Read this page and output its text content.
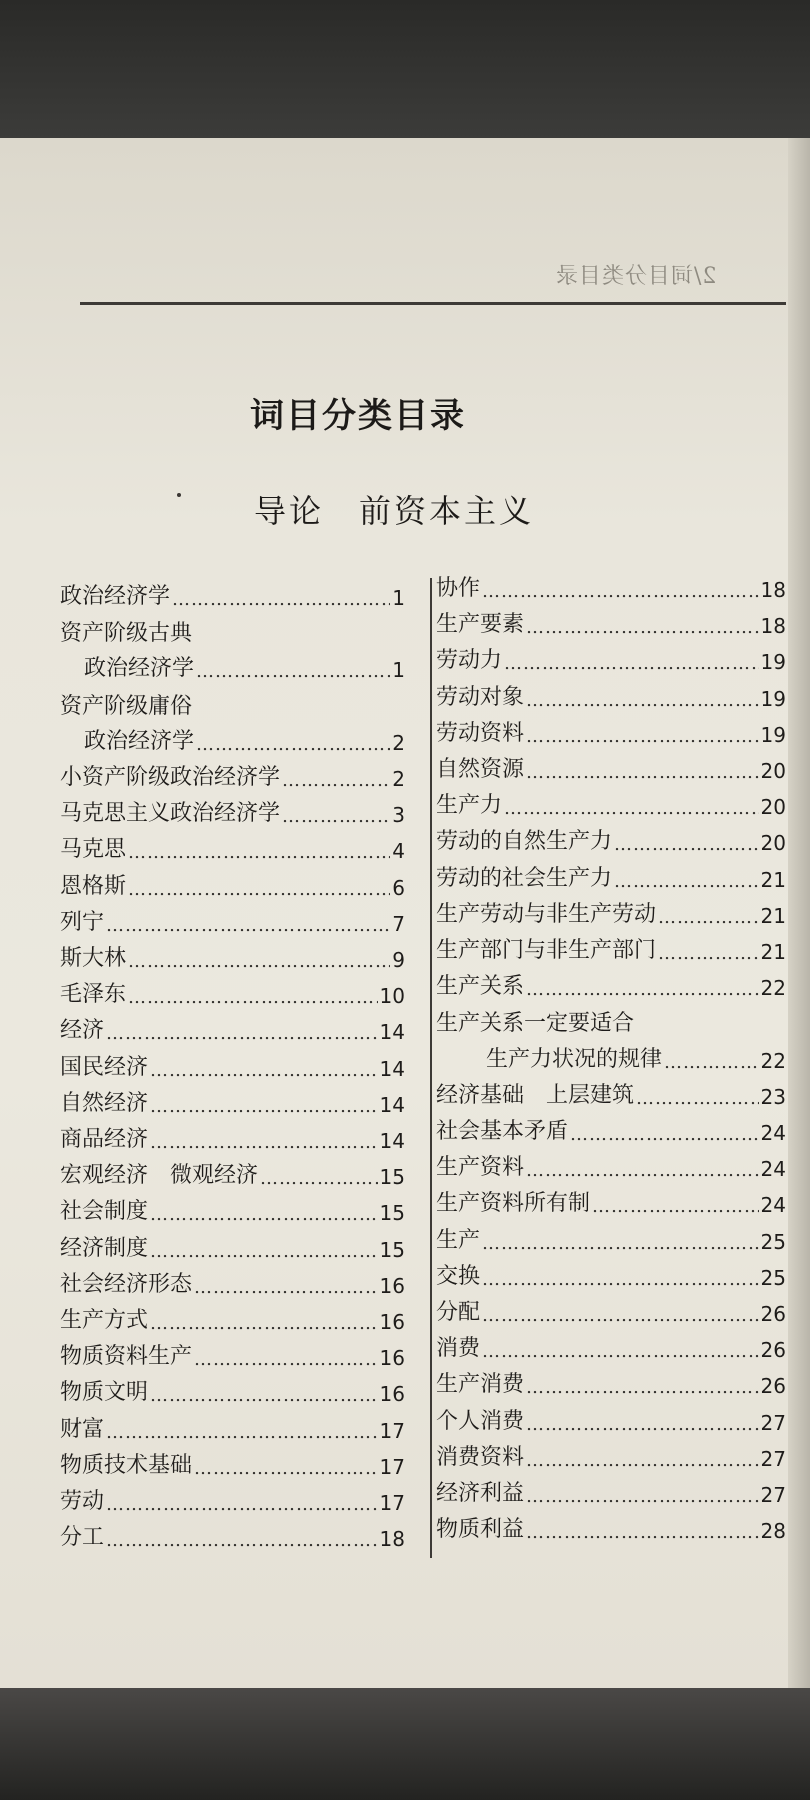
2/词目分类目录
词目分类目录
导论　前资本主义
政治经济学 …………………………………………………………………………………………………………	1
资产阶级古典
政治经济学 …………………………………………………………………………………………………………	1
资产阶级庸俗
政治经济学 …………………………………………………………………………………………………………	2
小资产阶级政治经济学 …………………………………………………………………………………………………………	2
马克思主义政治经济学 …………………………………………………………………………………………………………	3
马克思 …………………………………………………………………………………………………………	4
恩格斯 …………………………………………………………………………………………………………	6
列宁 …………………………………………………………………………………………………………	7
斯大林 …………………………………………………………………………………………………………	9
毛泽东 …………………………………………………………………………………………………………	10
经济 …………………………………………………………………………………………………………	14
国民经济 …………………………………………………………………………………………………………	14
自然经济 …………………………………………………………………………………………………………	14
商品经济 …………………………………………………………………………………………………………	14
宏观经济　微观经济 …………………………………………………………………………………………………………	15
社会制度 …………………………………………………………………………………………………………	15
经济制度 …………………………………………………………………………………………………………	15
社会经济形态 …………………………………………………………………………………………………………	16
生产方式 …………………………………………………………………………………………………………	16
物质资料生产 …………………………………………………………………………………………………………	16
物质文明 …………………………………………………………………………………………………………	16
财富 …………………………………………………………………………………………………………	17
物质技术基础 …………………………………………………………………………………………………………	17
劳动 …………………………………………………………………………………………………………	17
分工 …………………………………………………………………………………………………………	18
协作 …………………………………………………………………………………………………………	18
生产要素 …………………………………………………………………………………………………………	18
劳动力 …………………………………………………………………………………………………………	19
劳动对象 …………………………………………………………………………………………………………	19
劳动资料 …………………………………………………………………………………………………………	19
自然资源 …………………………………………………………………………………………………………	20
生产力 …………………………………………………………………………………………………………	20
劳动的自然生产力 …………………………………………………………………………………………………………	20
劳动的社会生产力 …………………………………………………………………………………………………………	21
生产劳动与非生产劳动 …………………………………………………………………………………………………………	21
生产部门与非生产部门 …………………………………………………………………………………………………………	21
生产关系 …………………………………………………………………………………………………………	22
生产关系一定要适合
生产力状况的规律 …………………………………………………………………………………………………………	22
经济基础　上层建筑 …………………………………………………………………………………………………………	23
社会基本矛盾 …………………………………………………………………………………………………………	24
生产资料 …………………………………………………………………………………………………………	24
生产资料所有制 …………………………………………………………………………………………………………	24
生产 …………………………………………………………………………………………………………	25
交换 …………………………………………………………………………………………………………	25
分配 …………………………………………………………………………………………………………	26
消费 …………………………………………………………………………………………………………	26
生产消费 …………………………………………………………………………………………………………	26
个人消费 …………………………………………………………………………………………………………	27
消费资料 …………………………………………………………………………………………………………	27
经济利益 …………………………………………………………………………………………………………	27
物质利益 …………………………………………………………………………………………………………	28
